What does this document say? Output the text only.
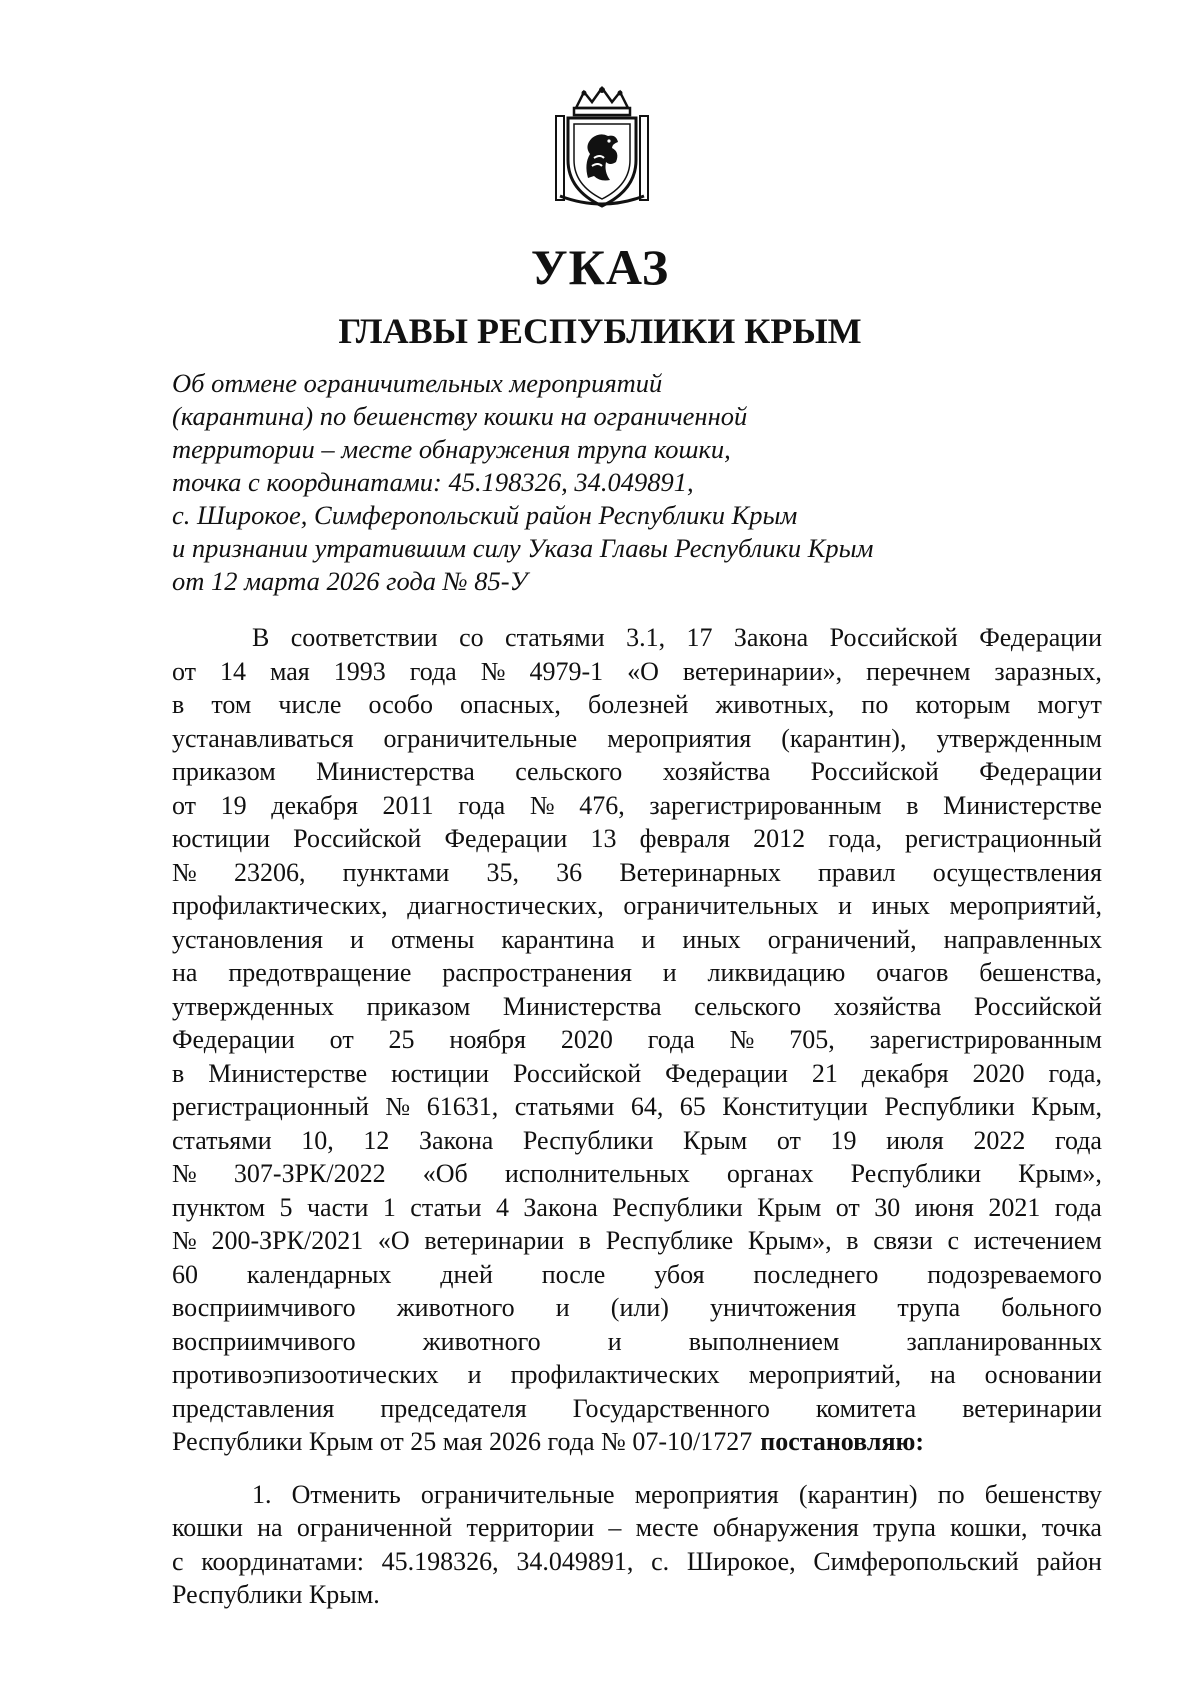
УКАЗ
ГЛАВЫ РЕСПУБЛИКИ КРЫМ
Об отмене ограничительных мероприятий
(карантина) по бешенству кошки на ограниченной
территории – месте обнаружения трупа кошки,
точка с координатами: 45.198326, 34.049891,
с. Широкое, Симферопольский район Республики Крым
и признании утратившим силу Указа Главы Республики Крым
от 12 марта 2026 года № 85-У
В соответствии со статьями 3.1, 17 Закона Российской Федерации
от 14 мая 1993 года № 4979-1 «О ветеринарии», перечнем заразных,
в том числе особо опасных, болезней животных, по которым могут
устанавливаться ограничительные мероприятия (карантин), утвержденным
приказом Министерства сельского хозяйства Российской Федерации
от 19 декабря 2011 года № 476, зарегистрированным в Министерстве
юстиции Российской Федерации 13 февраля 2012 года, регистрационный
№ 23206, пунктами 35, 36 Ветеринарных правил осуществления
профилактических, диагностических, ограничительных и иных мероприятий,
установления и отмены карантина и иных ограничений, направленных
на предотвращение распространения и ликвидацию очагов бешенства,
утвержденных приказом Министерства сельского хозяйства Российской
Федерации от 25 ноября 2020 года № 705, зарегистрированным
в Министерстве юстиции Российской Федерации 21 декабря 2020 года,
регистрационный № 61631, статьями 64, 65 Конституции Республики Крым,
статьями 10, 12 Закона Республики Крым от 19 июля 2022 года
№ 307-ЗРК/2022 «Об исполнительных органах Республики Крым»,
пунктом 5 части 1 статьи 4 Закона Республики Крым от 30 июня 2021 года
№ 200-ЗРК/2021 «О ветеринарии в Республике Крым», в связи с истечением
60 календарных дней после убоя последнего подозреваемого
восприимчивого животного и (или) уничтожения трупа больного
восприимчивого	животного	и	выполнением	запланированных
противоэпизоотических и профилактических мероприятий, на основании
представления председателя Государственного комитета ветеринарии
Республики Крым от 25 мая 2026 года № 07-10/1727 постановляю:
1. Отменить ограничительные мероприятия (карантин) по бешенству
кошки на ограниченной территории – месте обнаружения трупа кошки, точка
с координатами: 45.198326, 34.049891, с. Широкое, Симферопольский район
Республики Крым.
